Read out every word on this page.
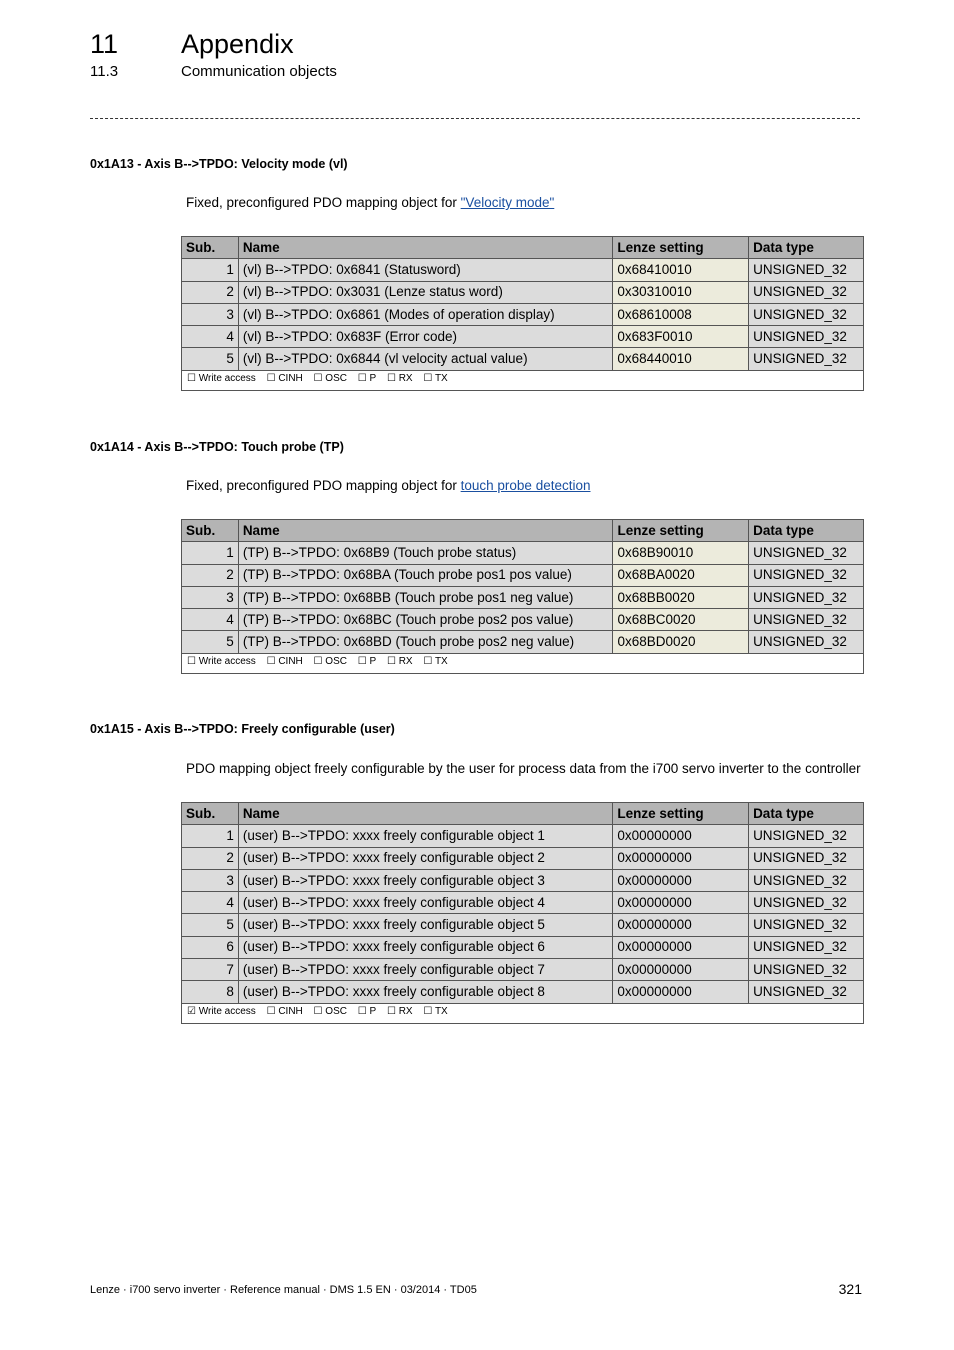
11 Appendix
11.3	Communication objects
0x1A13 - Axis B-->TPDO: Velocity mode (vl)
Fixed, preconfigured PDO mapping object for "Velocity mode"
Sub.	Name	Lenze setting	Data type
1	(vl) B-->TPDO: 0x6841 (Statusword)	0x68410010	UNSIGNED_32
2	(vl) B-->TPDO: 0x3031 (Lenze status word)	0x30310010	UNSIGNED_32
3	(vl) B-->TPDO: 0x6861 (Modes of operation display)	0x68610008	UNSIGNED_32
4	(vl) B-->TPDO: 0x683F (Error code)	0x683F0010	UNSIGNED_32
5	(vl) B-->TPDO: 0x6844 (vl velocity actual value)	0x68440010	UNSIGNED_32
☐ Write access ☐ CINH ☐ OSC ☐ P ☐ RX ☐ TX			
0x1A14 - Axis B-->TPDO: Touch probe (TP)
Fixed, preconfigured PDO mapping object for touch probe detection
Sub.	Name	Lenze setting	Data type
1	(TP) B-->TPDO: 0x68B9 (Touch probe status)	0x68B90010	UNSIGNED_32
2	(TP) B-->TPDO: 0x68BA (Touch probe pos1 pos value)	0x68BA0020	UNSIGNED_32
3	(TP) B-->TPDO: 0x68BB (Touch probe pos1 neg value)	0x68BB0020	UNSIGNED_32
4	(TP) B-->TPDO: 0x68BC (Touch probe pos2 pos value)	0x68BC0020	UNSIGNED_32
5	(TP) B-->TPDO: 0x68BD (Touch probe pos2 neg value)	0x68BD0020	UNSIGNED_32
☐ Write access ☐ CINH ☐ OSC ☐ P ☐ RX ☐ TX			
0x1A15 - Axis B-->TPDO: Freely configurable (user)
PDO mapping object freely configurable by the user for process data from the i700 servo inverter to the controller
Sub.	Name	Lenze setting	Data type
1	(user) B-->TPDO: xxxx freely configurable object 1	0x00000000	UNSIGNED_32
2	(user) B-->TPDO: xxxx freely configurable object 2	0x00000000	UNSIGNED_32
3	(user) B-->TPDO: xxxx freely configurable object 3	0x00000000	UNSIGNED_32
4	(user) B-->TPDO: xxxx freely configurable object 4	0x00000000	UNSIGNED_32
5	(user) B-->TPDO: xxxx freely configurable object 5	0x00000000	UNSIGNED_32
6	(user) B-->TPDO: xxxx freely configurable object 6	0x00000000	UNSIGNED_32
7	(user) B-->TPDO: xxxx freely configurable object 7	0x00000000	UNSIGNED_32
8	(user) B-->TPDO: xxxx freely configurable object 8	0x00000000	UNSIGNED_32
☑ Write access ☐ CINH ☐ OSC ☐ P ☐ RX ☐ TX			
Lenze · i700 servo inverter · Reference manual · DMS 1.5 EN · 03/2014 · TD05	321
